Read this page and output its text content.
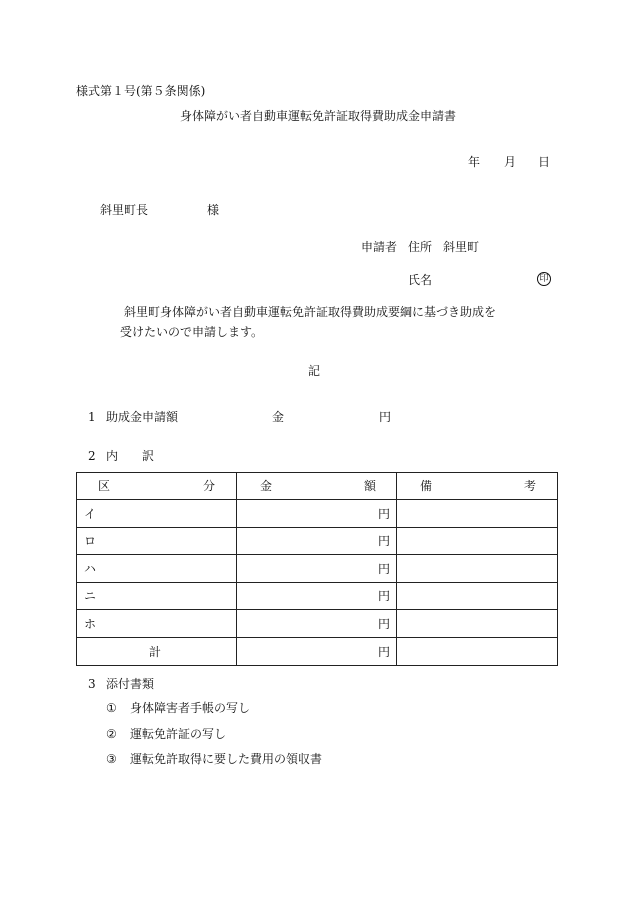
様式第１号(第５条関係)
身体障がい者自動車運転免許証取得費助成金申請書
年 月 日
斜里町長	様
申請者 住所 斜里町
氏名	印
斜里町身体障がい者自動車運転免許証取得費助成要綱に基づき助成を
受けたいので申請します。
記
1 助成金申請額	金	円
2 内 訳
区 分	金 額	備 考

イ	円	
ロ	円	
ハ	円	
ニ	円	
ホ	円	
計	円	
3 添付書類
① 身体障害者手帳の写し
② 運転免許証の写し
③ 運転免許取得に要した費用の領収書
